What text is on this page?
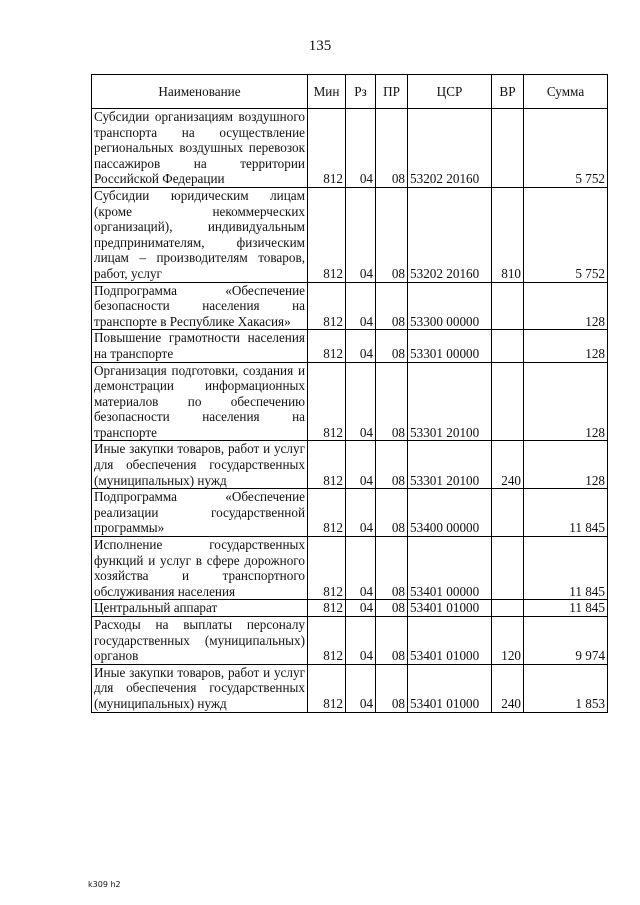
135
Наименование	Мин	Рз	ПР	ЦСР	ВР	Сумма
Субсидии организациям воздушного транспорта на осуществление региональных воздушных перевозок пассажиров на территории Российской Федерации	812	04	08	53202 20160		5 752
Субсидии юридическим лицам (кроме некоммерческих организаций), индивидуальным предпринимателям, физическим лицам – производителям товаров, работ, услуг	812	04	08	53202 20160	810	5 752
Подпрограмма «Обеспечение безопасности населения на транспорте в Республике Хакасия»	812	04	08	53300 00000		128
Повышение грамотности населения на транспорте	812	04	08	53301 00000		128
Организация подготовки, создания и демонстрации информационных материалов по обеспечению безопасности населения на транспорте	812	04	08	53301 20100		128
Иные закупки товаров, работ и услуг для обеспечения государственных (муниципальных) нужд	812	04	08	53301 20100	240	128
Подпрограмма «Обеспечение реализации государственной программы»	812	04	08	53400 00000		11 845
Исполнение государственных функций и услуг в сфере дорожного хозяйства и транспортного обслуживания населения	812	04	08	53401 00000		11 845
Центральный аппарат	812	04	08	53401 01000		11 845
Расходы на выплаты персоналу государственных (муниципальных) органов	812	04	08	53401 01000	120	9 974
Иные закупки товаров, работ и услуг для обеспечения государственных (муниципальных) нужд	812	04	08	53401 01000	240	1 853
k309 h2
